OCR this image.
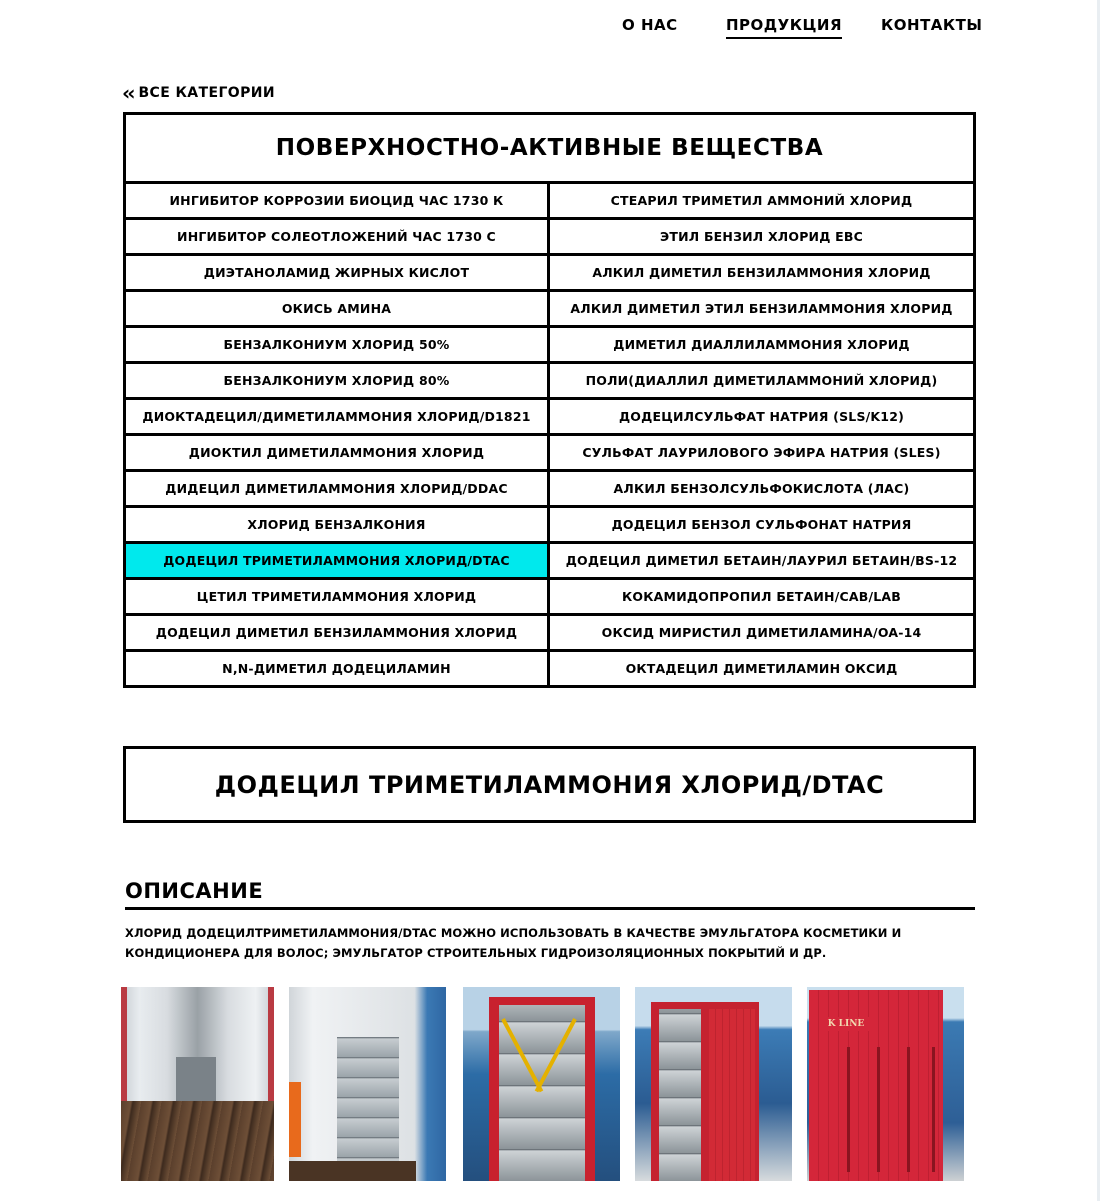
О НАС	ПРОДУКЦИЯ	КОНТАКТЫ
‹‹ ВСЕ КАТЕГОРИИ
ПОВЕРХНОСТНО-АКТИВНЫЕ ВЕЩЕСТВА
ИНГИБИТОР КОРРОЗИИ БИОЦИД ЧАС 1730 К	СТЕАРИЛ ТРИМЕТИЛ АММОНИЙ ХЛОРИД
ИНГИБИТОР СОЛЕОТЛОЖЕНИЙ ЧАС 1730 С	ЭТИЛ БЕНЗИЛ ХЛОРИД EBC
ДИЭТАНОЛАМИД ЖИРНЫХ КИСЛОТ	АЛКИЛ ДИМЕТИЛ БЕНЗИЛАММОНИЯ ХЛОРИД
ОКИСЬ АМИНА	АЛКИЛ ДИМЕТИЛ ЭТИЛ БЕНЗИЛАММОНИЯ ХЛОРИД
БЕНЗАЛКОНИУМ ХЛОРИД 50%	ДИМЕТИЛ ДИАЛЛИЛАММОНИЯ ХЛОРИД
БЕНЗАЛКОНИУМ ХЛОРИД 80%	ПОЛИ(ДИАЛЛИЛ ДИМЕТИЛАММОНИЙ ХЛОРИД)
ДИОКТАДЕЦИЛ/ДИМЕТИЛАММОНИЯ ХЛОРИД/D1821	ДОДЕЦИЛСУЛЬФАТ НАТРИЯ (SLS/K12)
ДИОКТИЛ ДИМЕТИЛАММОНИЯ ХЛОРИД	СУЛЬФАТ ЛАУРИЛОВОГО ЭФИРА НАТРИЯ (SLES)
ДИДЕЦИЛ ДИМЕТИЛАММОНИЯ ХЛОРИД/DDAC	АЛКИЛ БЕНЗОЛСУЛЬФОКИСЛОТА (ЛАС)
ХЛОРИД БЕНЗАЛКОНИЯ	ДОДЕЦИЛ БЕНЗОЛ СУЛЬФОНАТ НАТРИЯ
ДОДЕЦИЛ ТРИМЕТИЛАММОНИЯ ХЛОРИД/DTAC	ДОДЕЦИЛ ДИМЕТИЛ БЕТАИН/ЛАУРИЛ БЕТАИН/BS-12
ЦЕТИЛ ТРИМЕТИЛАММОНИЯ ХЛОРИД	КОКАМИДОПРОПИЛ БЕТАИН/CAB/LAB
ДОДЕЦИЛ ДИМЕТИЛ БЕНЗИЛАММОНИЯ ХЛОРИД	ОКСИД МИРИСТИЛ ДИМЕТИЛАМИНА/OA-14
N,N-ДИМЕТИЛ ДОДЕЦИЛАМИН	ОКТАДЕЦИЛ ДИМЕТИЛАМИН ОКСИД
ДОДЕЦИЛ ТРИМЕТИЛАММОНИЯ ХЛОРИД/DTAC
ОПИСАНИЕ

ХЛОРИД ДОДЕЦИЛТРИМЕТИЛАММОНИЯ/DTAC МОЖНО ИСПОЛЬЗОВАТЬ В КАЧЕСТВЕ ЭМУЛЬГАТОРА КОСМЕТИКИ И КОНДИЦИОНЕРА ДЛЯ ВОЛОС; ЭМУЛЬГАТОР СТРОИТЕЛЬНЫХ ГИДРОИЗОЛЯЦИОННЫХ ПОКРЫТИЙ И ДР.

K LINE
